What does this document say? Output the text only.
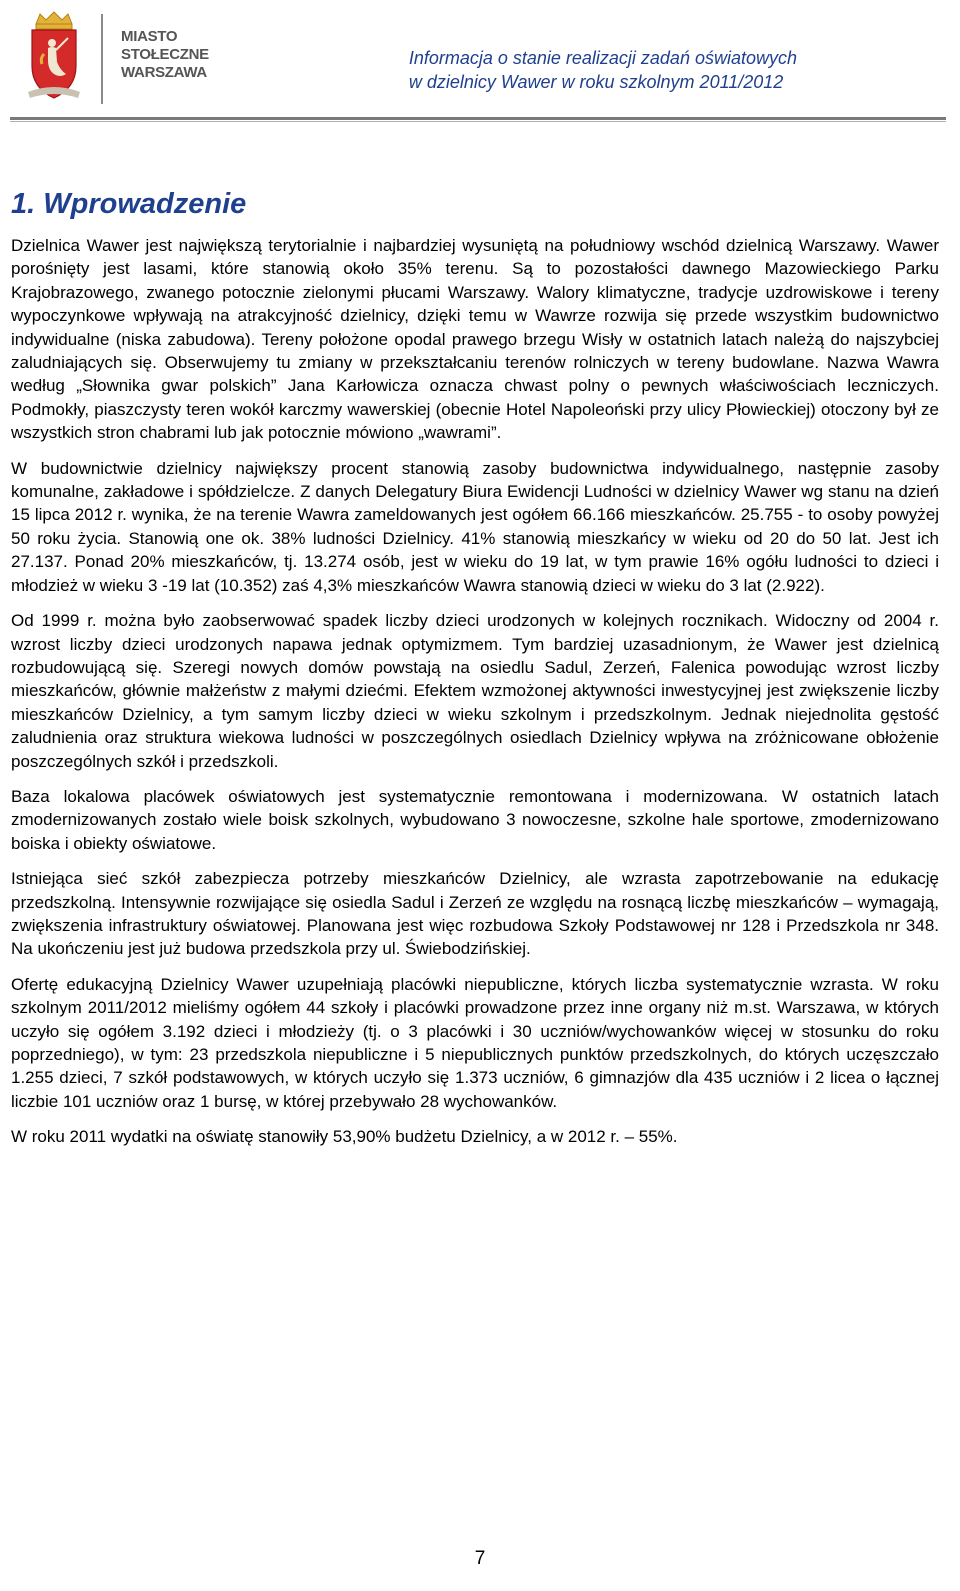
MIASTO
STOŁECZNE
WARSZAWA
Informacja o stanie realizacji zadań oświatowych
w dzielnicy Wawer w roku szkolnym 2011/2012
1. Wprowadzenie

Dzielnica Wawer jest największą terytorialnie i najbardziej wysuniętą na południowy wschód dzielnicą Warszawy. Wawer porośnięty jest lasami, które stanowią około 35% terenu. Są to pozostałości dawnego Mazowieckiego Parku Krajobrazowego, zwanego potocznie zielonymi płucami Warszawy. Walory klimatyczne, tradycje uzdrowiskowe i tereny wypoczynkowe wpływają na atrakcyjność dzielnicy, dzięki temu w Wawrze rozwija się przede wszystkim budownictwo indywidualne (niska zabudowa). Tereny położone opodal prawego brzegu Wisły w ostatnich latach należą do najszybciej zaludniających się. Obserwujemy tu zmiany w przekształcaniu terenów rolniczych w tereny budowlane. Nazwa Wawra według „Słownika gwar polskich” Jana Karłowicza oznacza chwast polny o pewnych właściwościach leczniczych. Podmokły, piaszczysty teren wokół karczmy wawerskiej (obecnie Hotel Napoleoński przy ulicy Płowieckiej) otoczony był ze wszystkich stron chabrami lub jak potocznie mówiono „wawrami”.

W budownictwie dzielnicy największy procent stanowią zasoby budownictwa indywidualnego, następnie zasoby komunalne, zakładowe i spółdzielcze. Z danych Delegatury Biura Ewidencji Ludności w dzielnicy Wawer wg stanu na dzień 15 lipca 2012 r. wynika, że na terenie Wawra zameldowanych jest ogółem 66.166 mieszkańców. 25.755 - to osoby powyżej 50 roku życia. Stanowią one ok. 38% ludności Dzielnicy. 41% stanowią mieszkańcy w wieku od 20 do 50 lat. Jest ich 27.137. Ponad 20% mieszkańców, tj. 13.274 osób, jest w wieku do 19 lat, w tym prawie 16% ogółu ludności to dzieci i młodzież w wieku 3 -19 lat (10.352) zaś 4,3% mieszkańców Wawra stanowią dzieci w wieku do 3 lat (2.922).

Od 1999 r. można było zaobserwować spadek liczby dzieci urodzonych w kolejnych rocznikach. Widoczny od 2004 r. wzrost liczby dzieci urodzonych napawa jednak optymizmem. Tym bardziej uzasadnionym, że Wawer jest dzielnicą rozbudowującą się. Szeregi nowych domów powstają na osiedlu Sadul, Zerzeń, Falenica powodując wzrost liczby mieszkańców, głównie małżeństw z małymi dziećmi. Efektem wzmożonej aktywności inwestycyjnej jest zwiększenie liczby mieszkańców Dzielnicy, a tym samym liczby dzieci w wieku szkolnym i przedszkolnym. Jednak niejednolita gęstość zaludnienia oraz struktura wiekowa ludności w poszczególnych osiedlach Dzielnicy wpływa na zróżnicowane obłożenie poszczególnych szkół i przedszkoli.

Baza lokalowa placówek oświatowych jest systematycznie remontowana i modernizowana. W ostatnich latach zmodernizowanych zostało wiele boisk szkolnych, wybudowano 3 nowoczesne, szkolne hale sportowe, zmodernizowano boiska i obiekty oświatowe.

Istniejąca sieć szkół zabezpiecza potrzeby mieszkańców Dzielnicy, ale wzrasta zapotrzebowanie na edukację przedszkolną. Intensywnie rozwijające się osiedla Sadul i Zerzeń ze względu na rosnącą liczbę mieszkańców – wymagają, zwiększenia infrastruktury oświatowej. Planowana jest więc rozbudowa Szkoły Podstawowej nr 128 i Przedszkola nr 348. Na ukończeniu jest już budowa przedszkola przy ul. Świebodzińskiej.

Ofertę edukacyjną Dzielnicy Wawer uzupełniają placówki niepubliczne, których liczba systematycznie wzrasta. W roku szkolnym 2011/2012 mieliśmy ogółem 44 szkoły i placówki prowadzone przez inne organy niż m.st. Warszawa, w których uczyło się ogółem 3.192 dzieci i młodzieży (tj. o 3 placówki i 30 uczniów/wychowanków więcej w stosunku do roku poprzedniego), w tym: 23 przedszkola niepubliczne i 5 niepublicznych punktów przedszkolnych, do których uczęszczało 1.255 dzieci, 7 szkół podstawowych, w których uczyło się 1.373 uczniów, 6 gimnazjów dla 435 uczniów i 2 licea o łącznej liczbie 101 uczniów oraz 1 bursę, w której przebywało 28 wychowanków.

W roku 2011 wydatki na oświatę stanowiły 53,90% budżetu Dzielnicy, a w 2012 r. – 55%.

7
